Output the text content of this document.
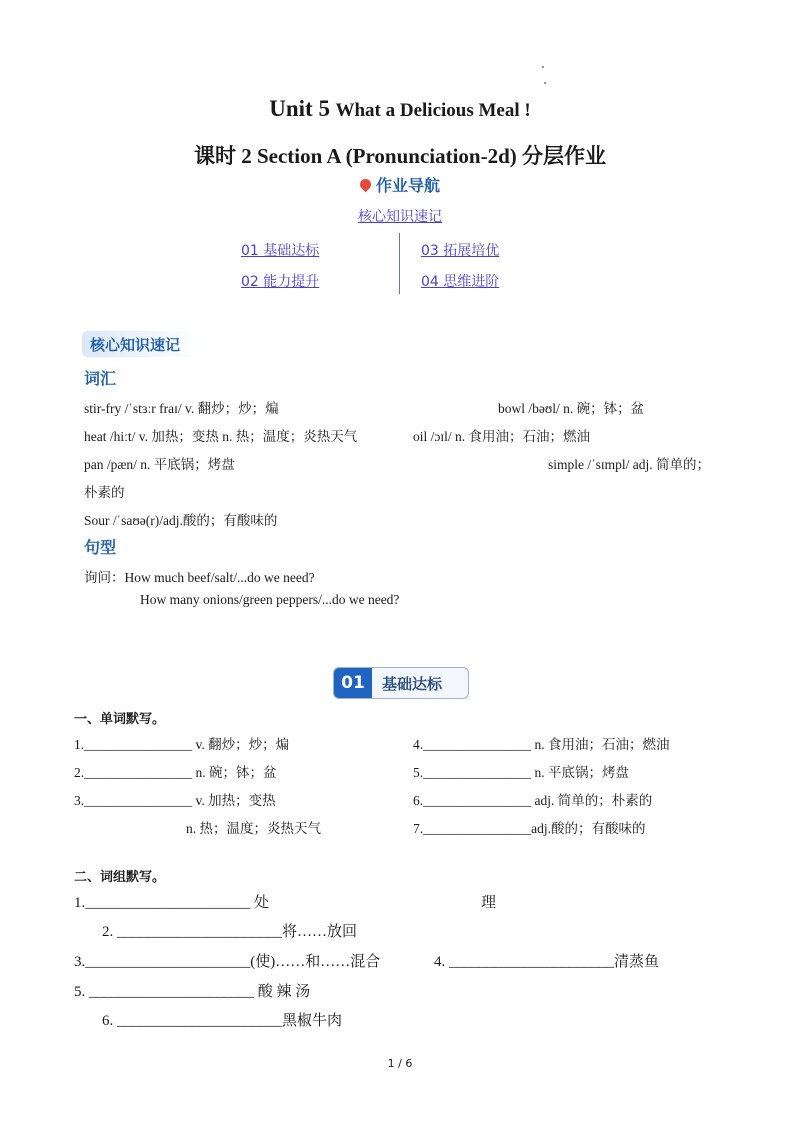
Unit 5 What a Delicious Meal !
课时 2 Section A (Pronunciation-2d) 分层作业
作业导航
核心知识速记
01 基础达标
02 能力提升
03 拓展培优
04 思维进阶
核心知识速记
词汇
stir-fry /ˈstɜːr fraɪ/ v. 翻炒；炒；煸	bowl /bəʊl/ n. 碗；钵；盆
heat /hiːt/ v. 加热；变热 n. 热；温度；炎热天气	oil /ɔɪl/ n. 食用油；石油；燃油
pan /pæn/ n. 平底锅；烤盘	simple /ˈsɪmpl/ adj. 简单的；
朴素的
Sour /ˈsaʊə(r)/adj.酸的；有酸味的
句型
询问：How much beef/salt/...do we need?
How many onions/green peppers/...do we need?
01	基础达标
一、单词默写。
1.________________ v. 翻炒；炒；煸	4.________________ n. 食用油；石油；燃油
2.________________ n. 碗；钵；盆	5.________________ n. 平底锅；烤盘
3.________________ v. 加热；变热	6.________________ adj. 简单的；朴素的
n. 热；温度；炎热天气	7.________________adj.酸的；有酸味的
二、词组默写。
1.______________________ 处	理
2. ______________________将……放回
3.______________________(使)……和……混合	4. ______________________清蒸鱼
5. ______________________ 酸 辣 汤
6. ______________________黑椒牛肉
1 / 6
